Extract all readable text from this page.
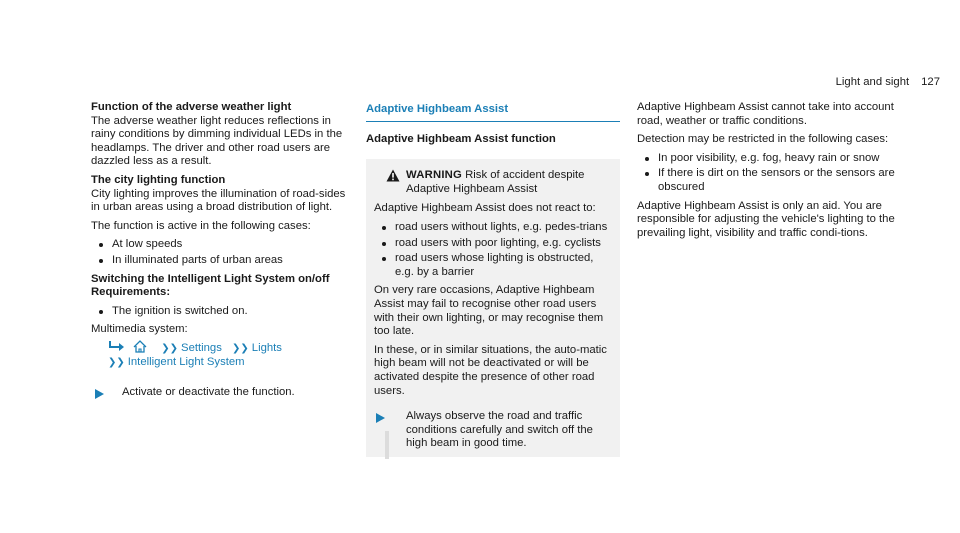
Light and sight 127

Function of the adverse weather light

The adverse weather light reduces reflections in rainy conditions by dimming individual LEDs in the headlamps. The driver and other road users are dazzled less as a result.

The city lighting function

City lighting improves the illumination of road-sides in urban areas using a broad distribution of light.

The function is active in the following cases:

At low speeds
In illuminated parts of urban areas

Switching the Intelligent Light System on/off

Requirements:

The ignition is switched on.

Multimedia system:

❯❯ Settings ❯❯ Lights
❯❯ Intelligent Light System
Activate or deactivate the function.
Adaptive Highbeam Assist

Adaptive Highbeam Assist function

WARNING Risk of accident despite Adaptive Highbeam Assist

Adaptive Highbeam Assist does not react to:

road users without lights, e.g. pedes-trians
road users with poor lighting, e.g. cyclists
road users whose lighting is obstructed, e.g. by a barrier

On very rare occasions, Adaptive Highbeam Assist may fail to recognise other road users with their own lighting, or may recognise them too late.

In these, or in similar situations, the auto-matic high beam will not be deactivated or will be activated despite the presence of other road users.

Always observe the road and traffic conditions carefully and switch off the high beam in good time.

Adaptive Highbeam Assist cannot take into account road, weather or traffic conditions.

Detection may be restricted in the following cases:

In poor visibility, e.g. fog, heavy rain or snow
If there is dirt on the sensors or the sensors are obscured

Adaptive Highbeam Assist is only an aid. You are responsible for adjusting the vehicle's lighting to the prevailing light, visibility and traffic condi-tions.
